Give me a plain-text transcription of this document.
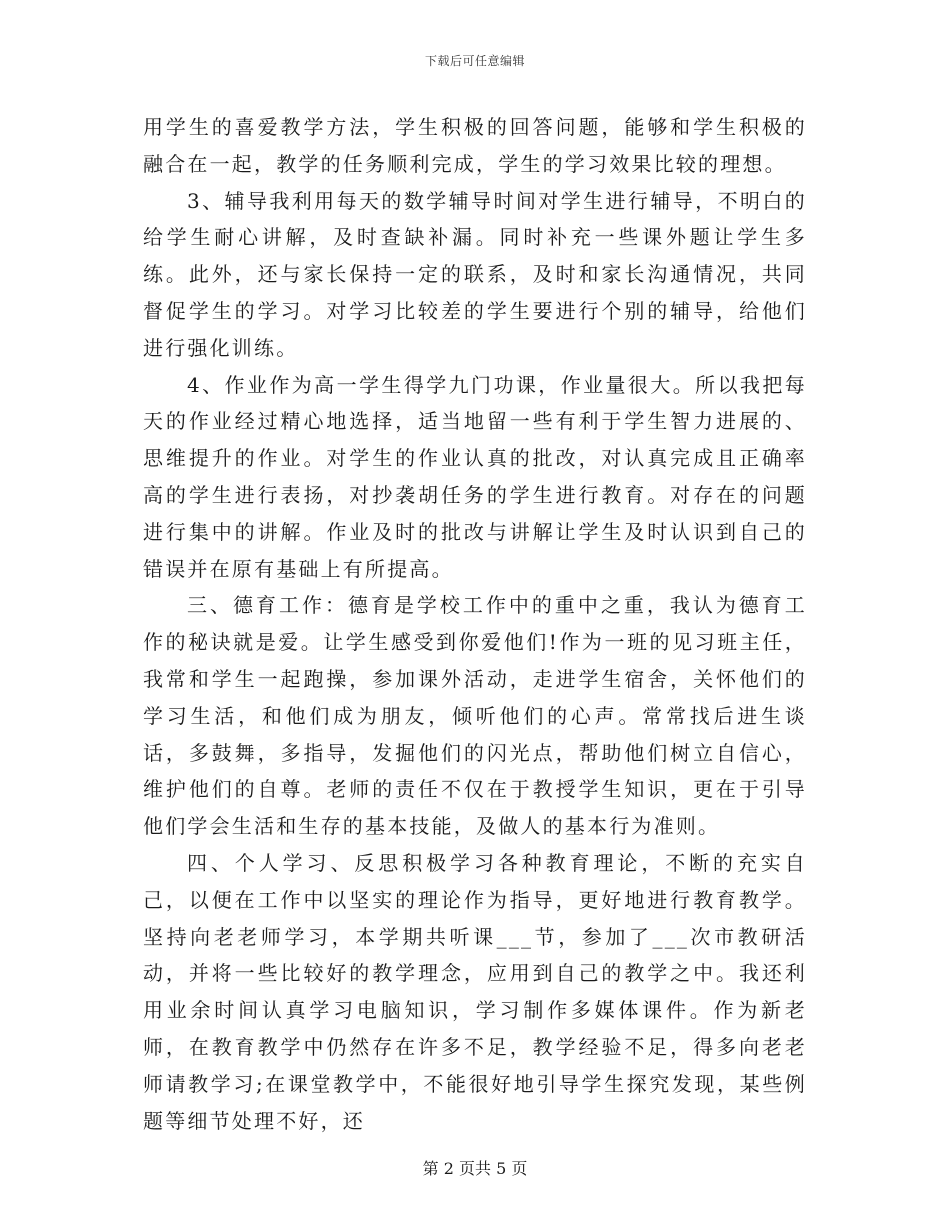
下载后可任意编辑

用学生的喜爱教学方法，学生积极的回答问题，能够和学生积极的融合在一起，教学的任务顺利完成，学生的学习效果比较的理想。

3、辅导我利用每天的数学辅导时间对学生进行辅导，不明白的给学生耐心讲解，及时查缺补漏。同时补充一些课外题让学生多练。此外，还与家长保持一定的联系，及时和家长沟通情况，共同督促学生的学习。对学习比较差的学生要进行个别的辅导，给他们进行强化训练。

4、作业作为高一学生得学九门功课，作业量很大。所以我把每天的作业经过精心地选择，适当地留一些有利于学生智力进展的、思维提升的作业。对学生的作业认真的批改，对认真完成且正确率高的学生进行表扬，对抄袭胡任务的学生进行教育。对存在的问题进行集中的讲解。作业及时的批改与讲解让学生及时认识到自己的错误并在原有基础上有所提高。

三、德育工作：德育是学校工作中的重中之重，我认为德育工作的秘诀就是爱。让学生感受到你爱他们!作为一班的见习班主任，我常和学生一起跑操，参加课外活动，走进学生宿舍，关怀他们的学习生活，和他们成为朋友，倾听他们的心声。常常找后进生谈话，多鼓舞，多指导，发掘他们的闪光点，帮助他们树立自信心，维护他们的自尊。老师的责任不仅在于教授学生知识，更在于引导他们学会生活和生存的基本技能，及做人的基本行为准则。

四、个人学习、反思积极学习各种教育理论，不断的充实自己，以便在工作中以坚实的理论作为指导，更好地进行教育教学。坚持向老老师学习，本学期共听课___节，参加了___次市教研活动，并将一些比较好的教学理念，应用到自己的教学之中。我还利用业余时间认真学习电脑知识，学习制作多媒体课件。作为新老师，在教育教学中仍然存在许多不足，教学经验不足，得多向老老师请教学习;在课堂教学中，不能很好地引导学生探究发现，某些例题等细节处理不好，还

第 2 页共 5 页
